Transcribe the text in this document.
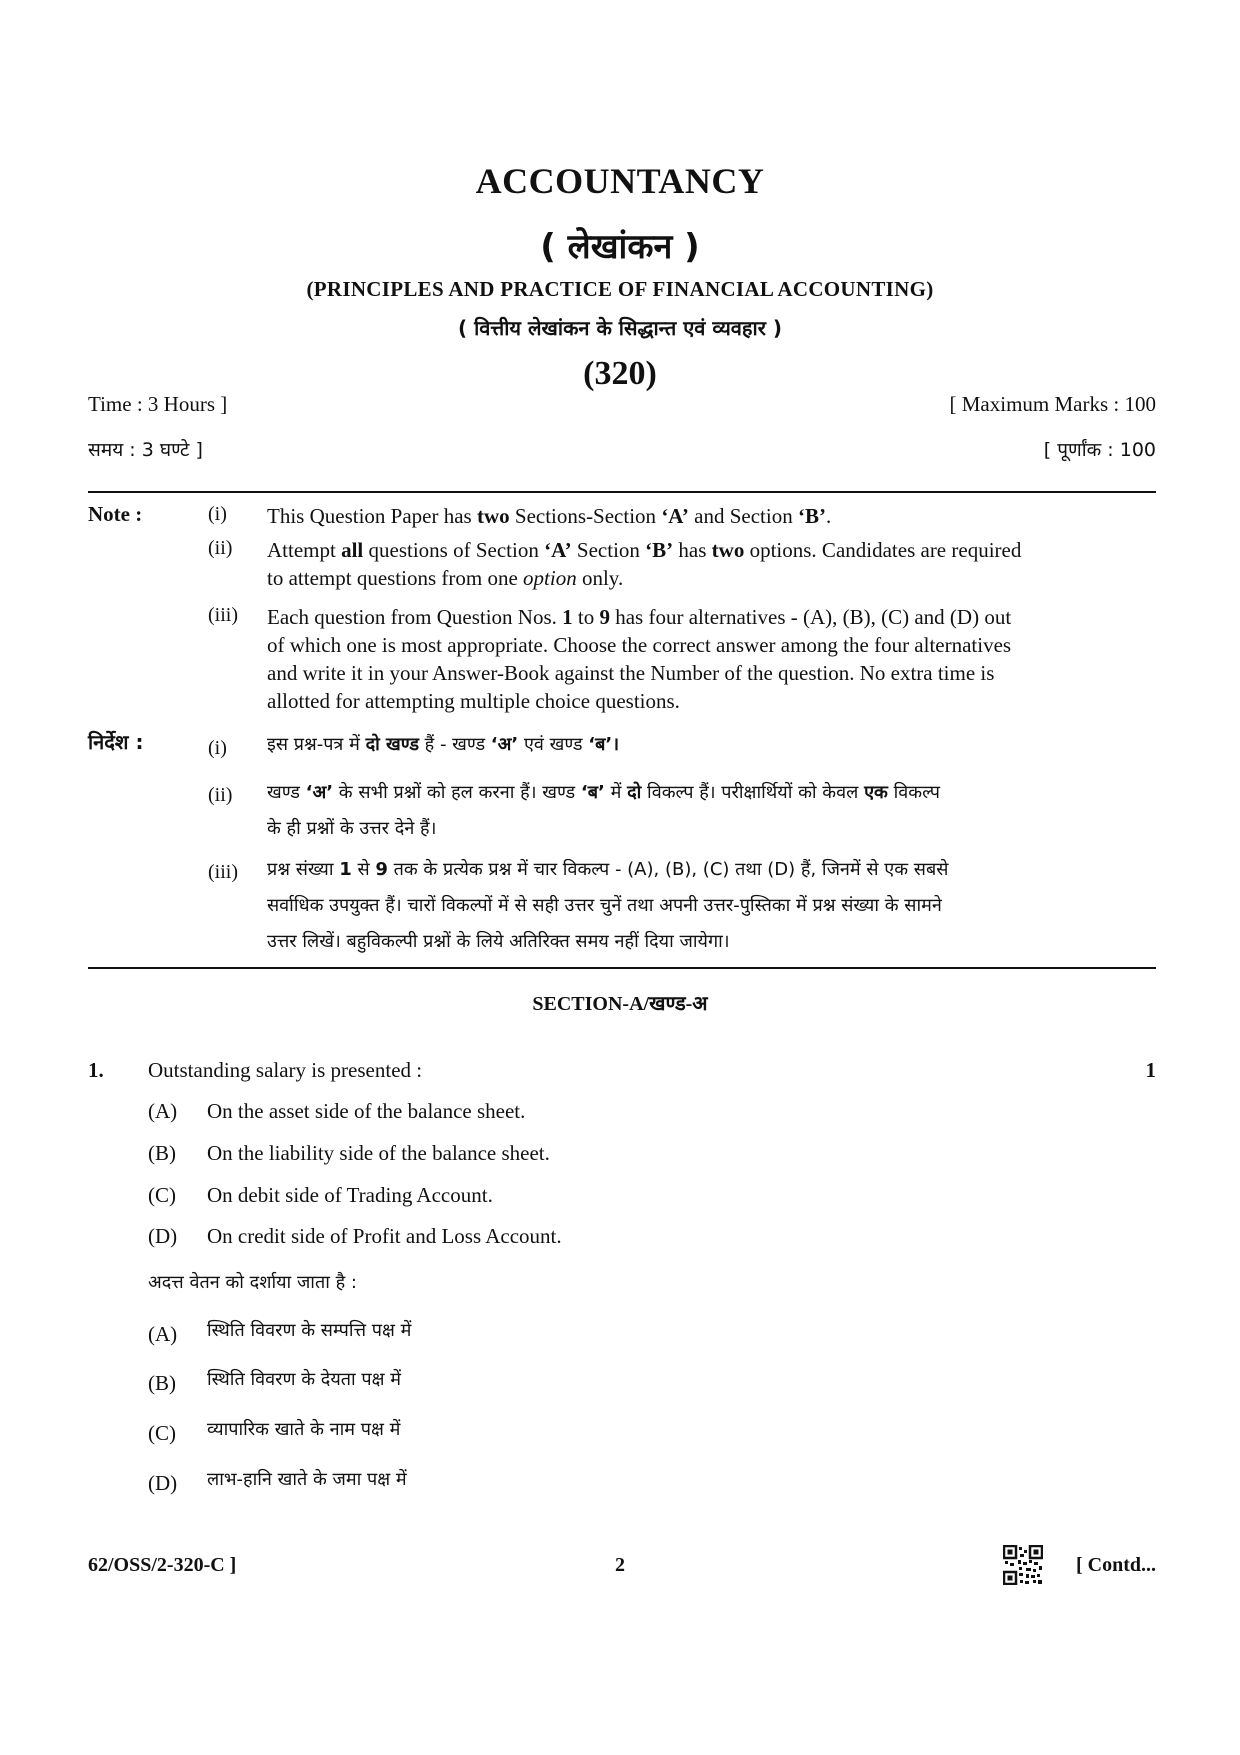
ACCOUNTANCY
( लेखांकन )
(PRINCIPLES AND PRACTICE OF FINANCIAL ACCOUNTING)
( वित्तीय लेखांकन के सिद्धान्त एवं व्यवहार )
(320)
Time : 3 Hours ]	[ Maximum Marks : 100
समय : 3 घण्टे ]	[ पूर्णांक : 100
Note :	(i) This Question Paper has two Sections-Section ‘A’ and Section ‘B’.
(ii) Attempt all questions of Section ‘A’ Section ‘B’ has two options. Candidates are required
to attempt questions from one option only.
(iii) Each question from Question Nos. 1 to 9 has four alternatives - (A), (B), (C) and (D) out
of which one is most appropriate. Choose the correct answer among the four alternatives
and write it in your Answer-Book against the Number of the question. No extra time is
allotted for attempting multiple choice questions.
निर्देश :	(i) इस प्रश्न-पत्र में दो खण्ड हैं - खण्ड ‘अ’ एवं खण्ड ‘ब’।
(ii) खण्ड ‘अ’ के सभी प्रश्नों को हल करना हैं। खण्ड ‘ब’ में दो विकल्प हैं। परीक्षार्थियों को केवल एक विकल्प
के ही प्रश्नों के उत्तर देने हैं।
(iii) प्रश्न संख्या 1 से 9 तक के प्रत्येक प्रश्न में चार विकल्प - (A), (B), (C) तथा (D) हैं, जिनमें से एक सबसे
सर्वाधिक उपयुक्त हैं। चारों विकल्पों में से सही उत्तर चुनें तथा अपनी उत्तर-पुस्तिका में प्रश्न संख्या के सामने
उत्तर लिखें। बहुविकल्पी प्रश्नों के लिये अतिरिक्त समय नहीं दिया जायेगा।
SECTION-A/खण्ड-अ
1. Outstanding salary is presented :	1
(A) On the asset side of the balance sheet.
(B) On the liability side of the balance sheet.
(C) On debit side of Trading Account.
(D) On credit side of Profit and Loss Account.
अदत्त वेतन को दर्शाया जाता है :
(A) स्थिति विवरण के सम्पत्ति पक्ष में
(B) स्थिति विवरण के देयता पक्ष में
(C) व्यापारिक खाते के नाम पक्ष में
(D) लाभ-हानि खाते के जमा पक्ष में
62/OSS/2-320-C ]	2	[ Contd...
